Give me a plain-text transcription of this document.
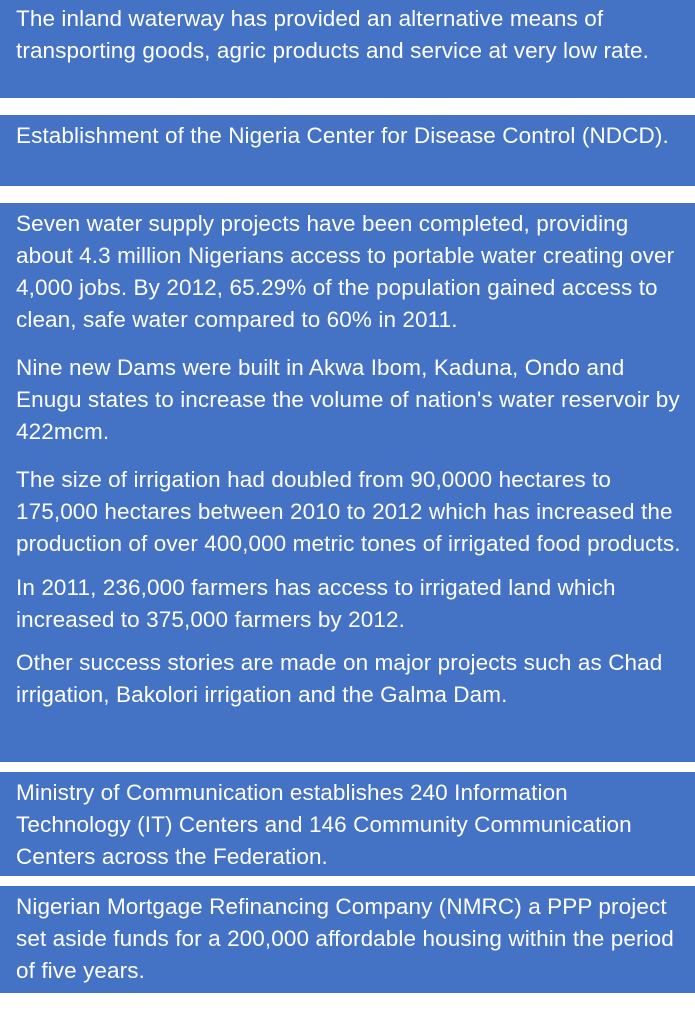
The inland waterway has provided an alternative means of transporting goods, agric products and service at very low rate.

Establishment of the Nigeria Center for Disease Control (NDCD).

Seven water supply projects have been completed, providing about 4.3 million Nigerians access to portable water creating over 4,000 jobs. By 2012, 65.29% of the population gained access to clean, safe water compared to 60% in 2011.

Nine new Dams were built in Akwa Ibom, Kaduna, Ondo and Enugu states to increase the volume of nation's water reservoir by 422mcm.

The size of irrigation had doubled from 90,0000 hectares to 175,000 hectares between 2010 to 2012 which has increased the production of over 400,000 metric tones of irrigated food products.

In 2011, 236,000 farmers has access to irrigated land which increased to 375,000 farmers by 2012.

Other success stories are made on major projects such as Chad irrigation, Bakolori irrigation and the Galma Dam.

Ministry of Communication establishes 240 Information Technology (IT) Centers and 146 Community Communication Centers across the Federation.

Nigerian Mortgage Refinancing Company (NMRC) a PPP project set aside funds for a 200,000 affordable housing within the period of five years.
